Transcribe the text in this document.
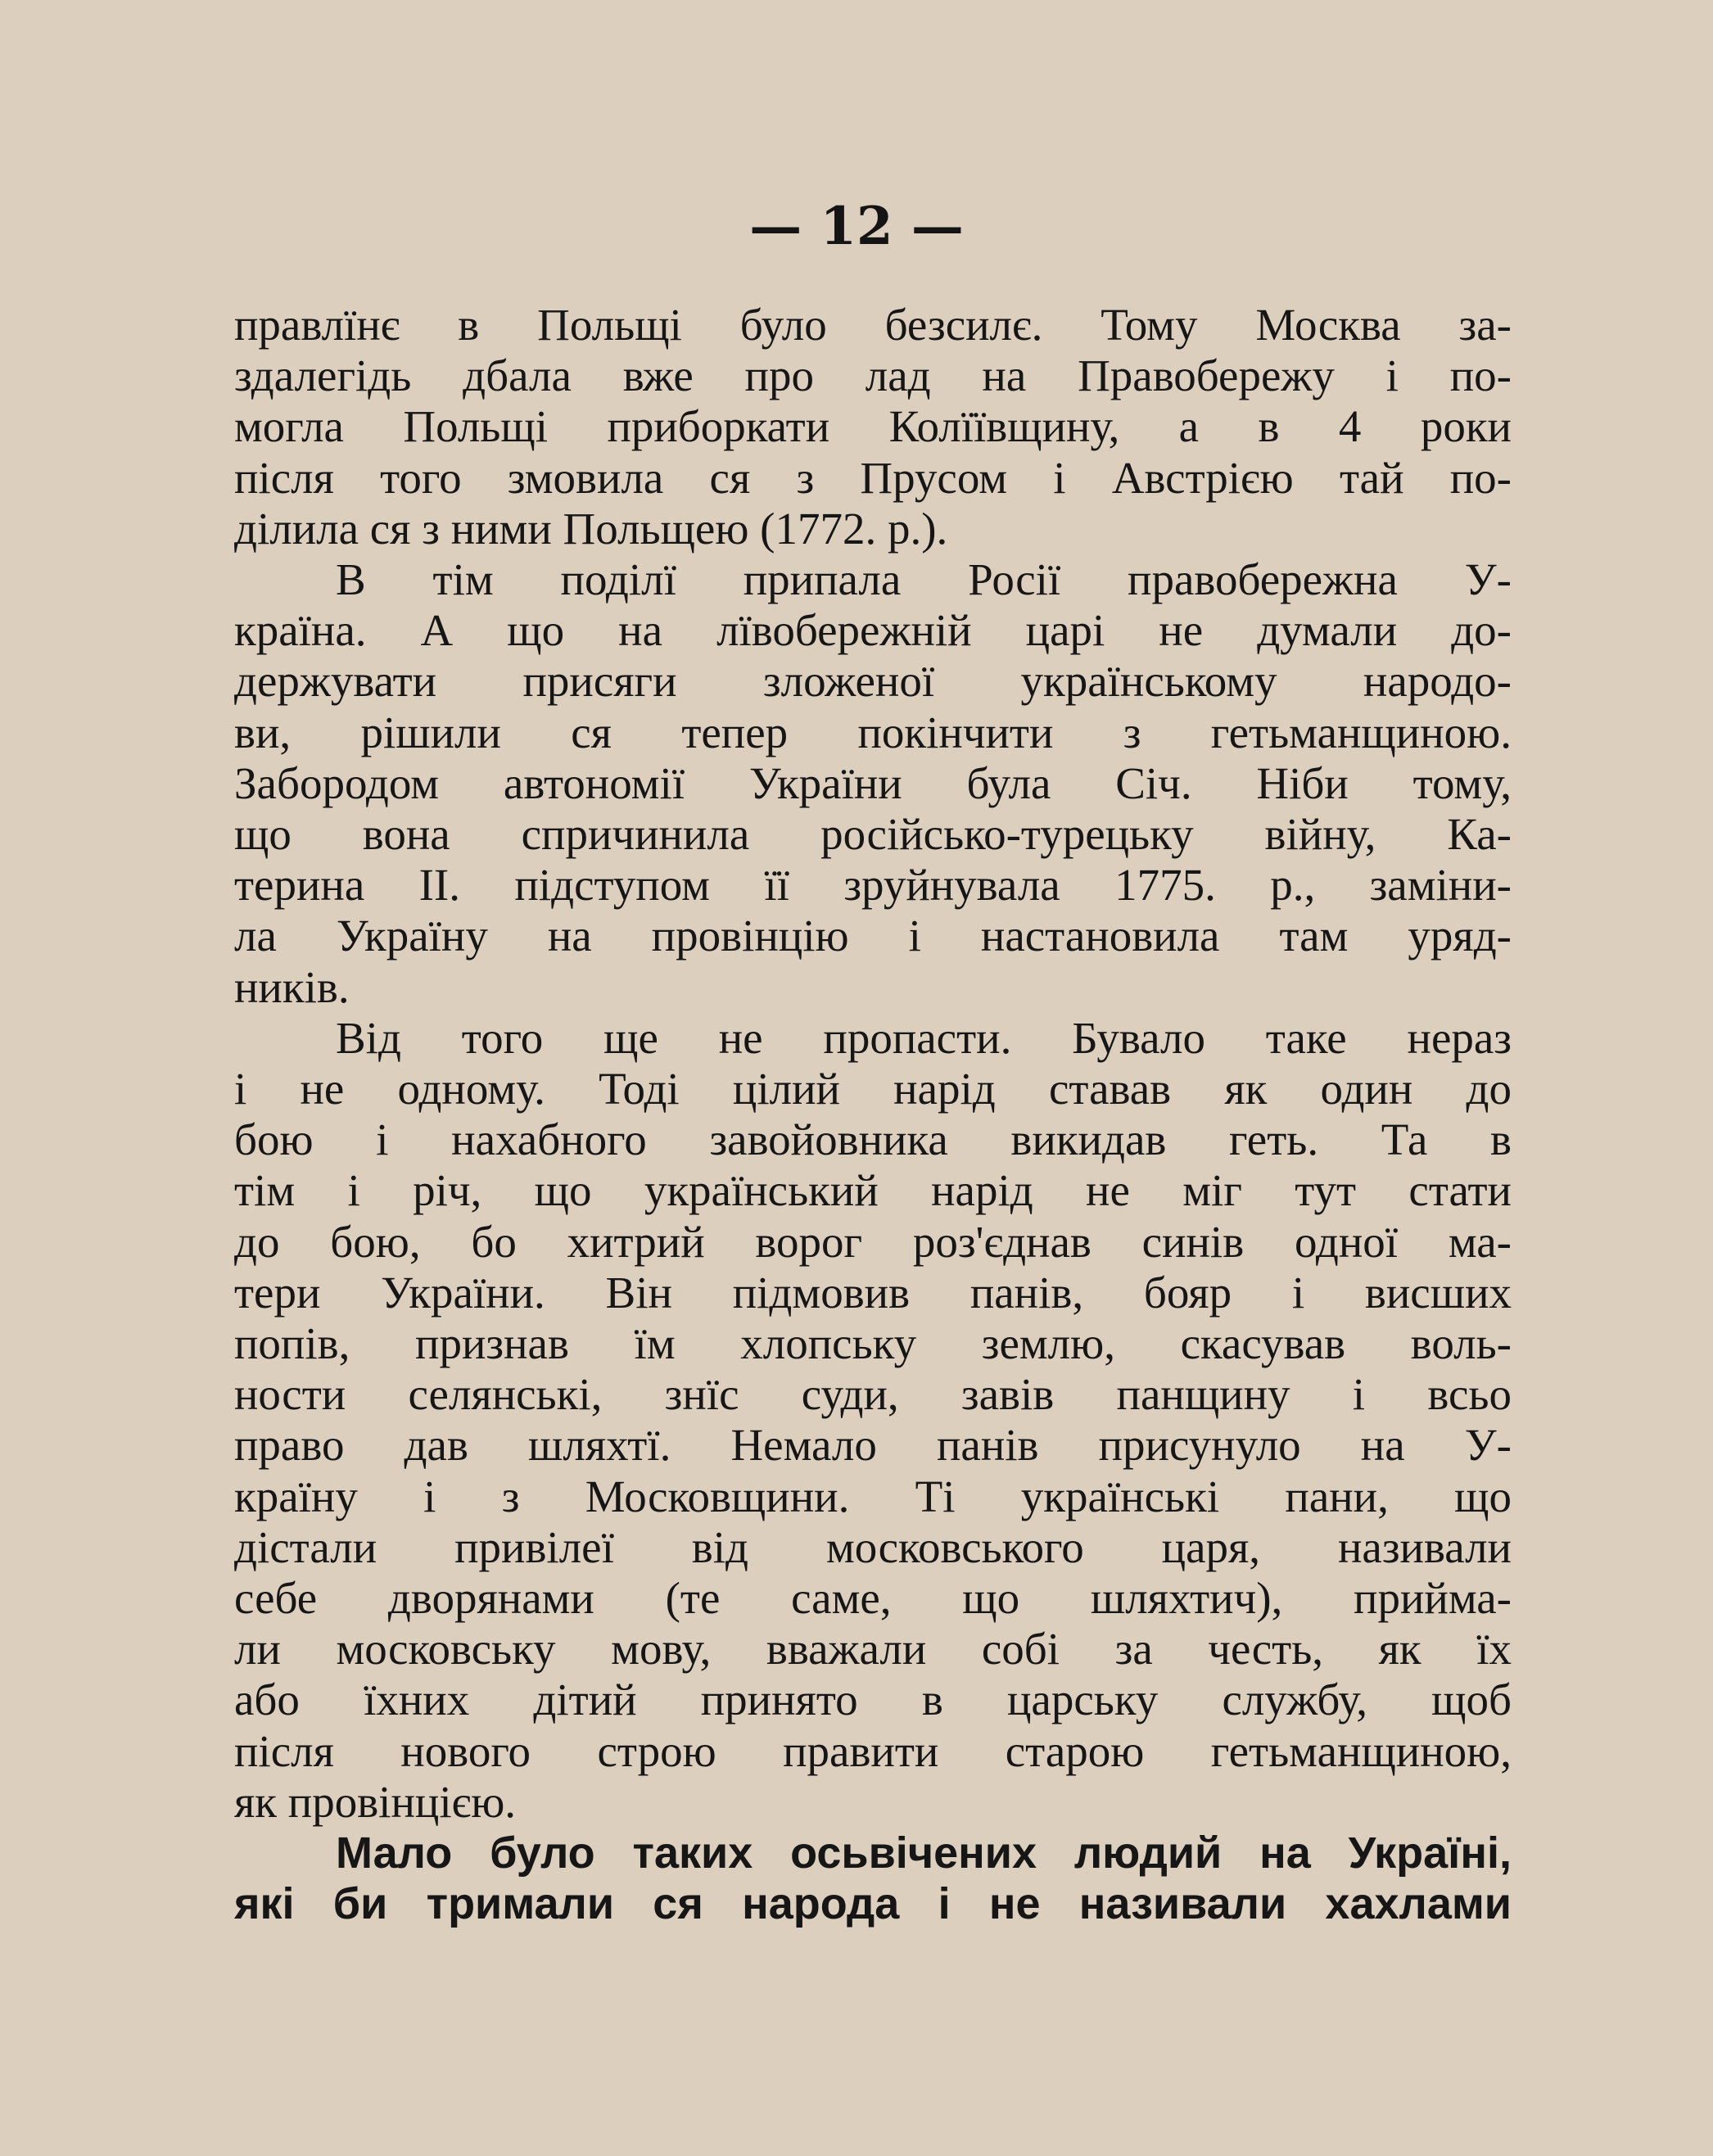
— 12 —
правлїнє в Польщі було безсилє. Тому Москва за-
здалегідь дбала вже про лад на Правобережу і по-
могла Польщі приборкати Колїївщину, а в 4 роки
після того змовила ся з Прусом і Австрією тай по-
ділила ся з ними Польщею (1772. р.).
В тім поділї припала Росії правобережна У-
країна. А що на лївобережній царі не думали до-
держувати присяги зложеної українському народо-
ви, рішили ся тепер покінчити з гетьманщиною.
Забородом автономії України була Січ. Ніби тому,
що вона спричинила російсько-турецьку війну, Ка-
терина II. підступом її зруйнувала 1775. р., заміни-
ла Україну на провінцію і настановила там уряд-
ників.
Від того ще не пропасти. Бувало таке нераз
і не одному. Тоді цілий нарід ставав як один до
бою і нахабного завойовника викидав геть. Та в
тім і річ, що український нарід не міг тут стати
до бою, бо хитрий ворог роз'єднав синів одної ма-
тери України. Він підмовив панів, бояр і висших
попів, признав їм хлопську землю, скасував воль-
ности селянські, знїс суди, завів панщину і всьо
право дав шляхтї. Немало панів присунуло на У-
країну і з Московщини. Ті українські пани, що
дістали привілеї від московського царя, називали
себе дворянами (те саме, що шляхтич), прийма-
ли московську мову, вважали собі за честь, як їх
або їхних дітий принято в царську службу, щоб
після нового строю правити старою гетьманщиною,
як провінцією.
Мало було таких осьвічених людий на Україні,
які би тримали ся народа і не називали хахлами
